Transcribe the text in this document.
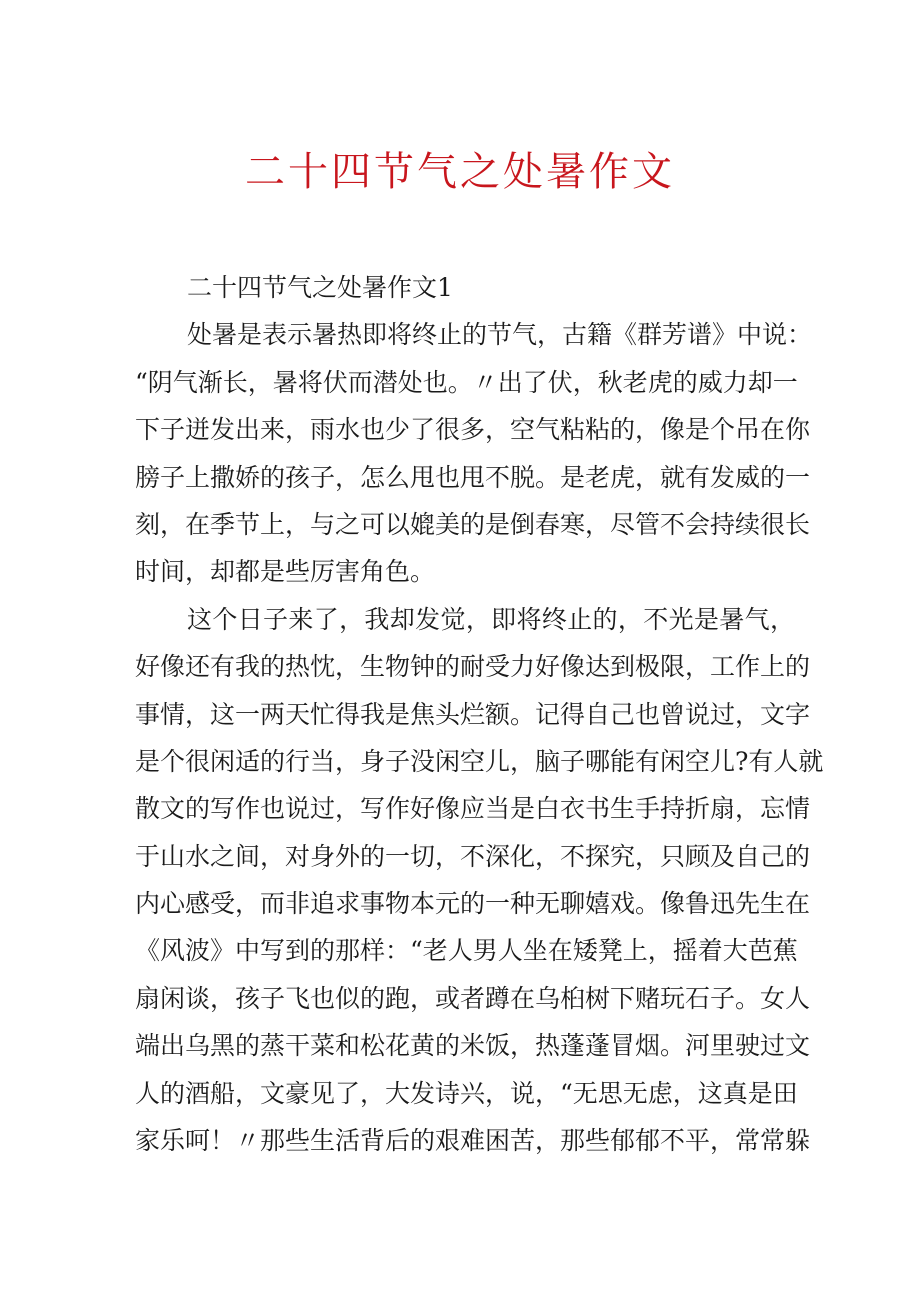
二十四节气之处暑作文
二十四节气之处暑作文1
处暑是表示暑热即将终止的节气，古籍《群芳谱》中说：
“阴气渐长，暑将伏而潜处也。〃出了伏，秋老虎的威力却一
下子迸发出来，雨水也少了很多，空气粘粘的，像是个吊在你
膀子上撒娇的孩子，怎么甩也甩不脱。是老虎，就有发威的一
刻，在季节上，与之可以媲美的是倒春寒，尽管不会持续很长
时间，却都是些厉害角色。
这个日子来了，我却发觉，即将终止的，不光是暑气，
好像还有我的热忱，生物钟的耐受力好像达到极限，工作上的
事情，这一两天忙得我是焦头烂额。记得自己也曾说过，文字
是个很闲适的行当，身子没闲空儿，脑子哪能有闲空儿?有人就
散文的写作也说过，写作好像应当是白衣书生手持折扇，忘情
于山水之间，对身外的一切，不深化，不探究，只顾及自己的
内心感受，而非追求事物本元的一种无聊嬉戏。像鲁迅先生在
《风波》中写到的那样：“老人男人坐在矮凳上，摇着大芭蕉
扇闲谈，孩子飞也似的跑，或者蹲在乌桕树下赌玩石子。女人
端出乌黑的蒸干菜和松花黄的米饭，热蓬蓬冒烟。河里驶过文
人的酒船，文豪见了，大发诗兴，说，“无思无虑，这真是田
家乐呵！〃那些生活背后的艰难困苦，那些郁郁不平，常常躲
